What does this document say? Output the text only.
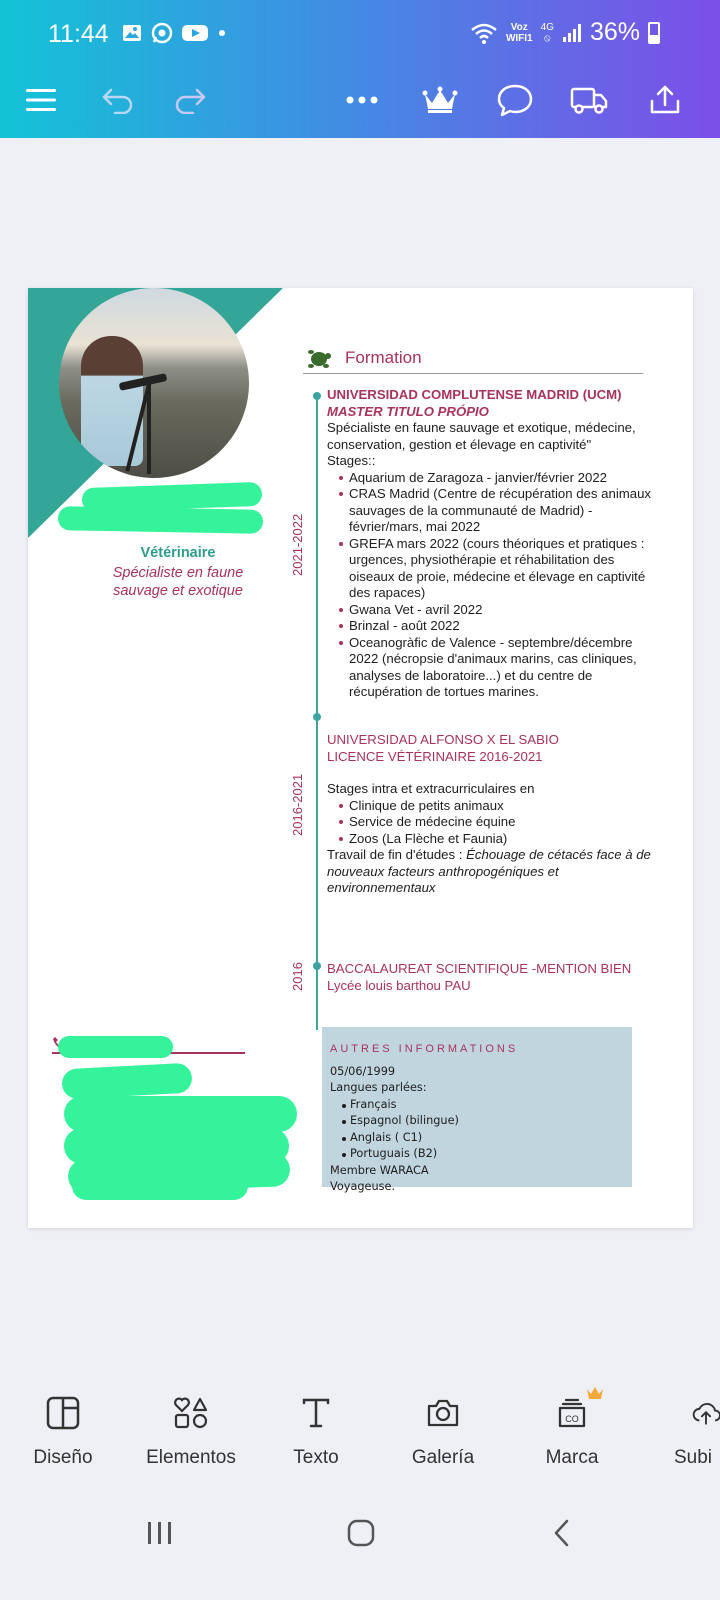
11:44	Voz
WIFI1
4G
⦸ 36%
Vétérinaire
Spécialiste en faune sauvage et exotique
Formation
2021-2022
2016-2021
2016
UNIVERSIDAD COMPLUTENSE MADRID (UCM)
MASTER TITULO PRÓPIO
Spécialiste en faune sauvage et exotique, médecine, conservation, gestion et élevage en captivité"
Stages::
Aquarium de Zaragoza - janvier/février 2022
CRAS Madrid (Centre de récupération des animaux sauvages de la communauté de Madrid) - février/mars, mai 2022
GREFA mars 2022 (cours théoriques et pratiques : urgences, physiothérapie et réhabilitation des oiseaux de proie, médecine et élevage en captivité des rapaces)
Gwana Vet - avril 2022
Brinzal - août 2022
Oceanogràfic de Valence - septembre/décembre 2022 (nécropsie d'animaux marins, cas cliniques, analyses de laboratoire...) et du centre de récupération de tortues marines.
UNIVERSIDAD ALFONSO X EL SABIO
LICENCE VÉTÉRINAIRE 2016-2021
Stages intra et extracurriculaires en
Clinique de petits animaux
Service de médecine équine
Zoos (La Flèche et Faunia)
Travail de fin d'études : Échouage de cétacés face à de nouveaux facteurs anthropogéniques et environnementaux
BACCALAUREAT SCIENTIFIQUE -MENTION BIEN
Lycée louis barthou PAU
AUTRES INFORMATIONS
05/06/1999
Langues parlées:
Français
Espagnol (bilingue)
Anglais ( C1)
Portuguais (B2)
Membre WARACA
Voyageuse.
Diseño	Elementos	Texto	Galería
CO
Marca	Subi
